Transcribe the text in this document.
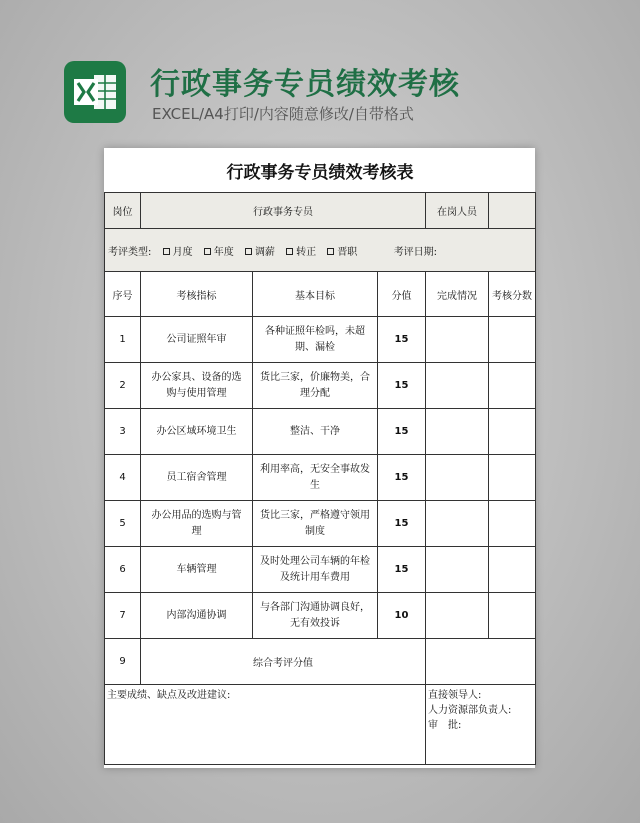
行政事务专员绩效考核
EXCEL/A4打印/内容随意修改/自带格式
行政事务专员绩效考核表					
岗位	行政事务专员			在岗人员	
考评类型: 月度 年度 调薪 转正 晋职 考评日期:					
序号	考核指标	基本目标	分值	完成情况	考核分数
1	公司证照年审	各种证照年检吗，未超期、漏检	15		
2	办公家具、设备的选购与使用管理	货比三家，价廉物美，合理分配	15		
3	办公区域环境卫生	整洁、干净	15		
4	员工宿舍管理	利用率高，无安全事故发生	15		
5	办公用品的选购与管理	货比三家，严格遵守领用制度	15		
6	车辆管理	及时处理公司车辆的年检及统计用车费用	15		
7	内部沟通协调	与各部门沟通协调良好，无有效投诉	10		
9	综合考评分值				
主要成绩、缺点及改进建议:				直接领导人:
人力资源部负责人:
审　批:	
